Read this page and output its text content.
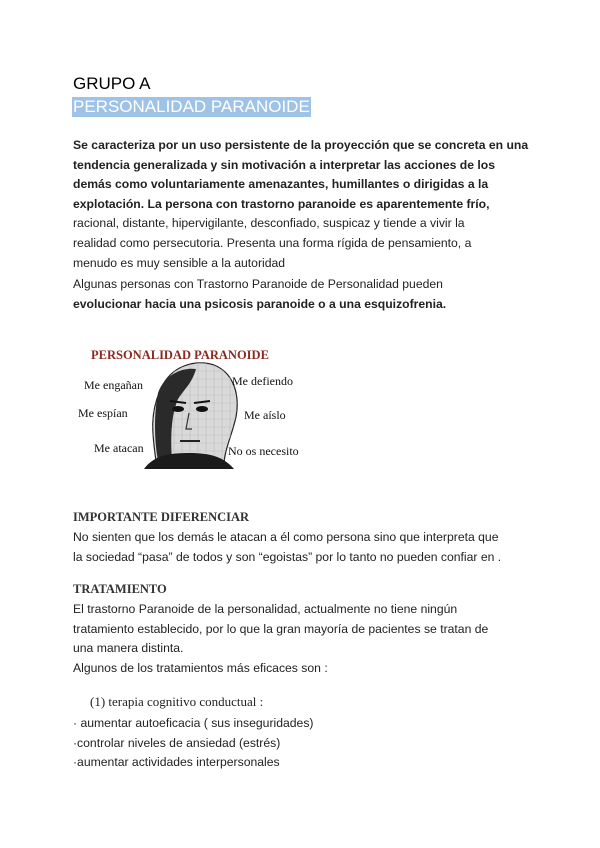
GRUPO A
PERSONALIDAD PARANOIDE

Se caracteriza por un uso persistente de la proyección que se concreta en una

tendencia generalizada y sin motivación a interpretar las acciones de los

demás como voluntariamente amenazantes, humillantes o dirigidas a la

explotación. La persona con trastorno paranoide es aparentemente frío,

racional, distante, hipervigilante, desconfiado, suspicaz y tiende a vivir la

realidad como persecutoria. Presenta una forma rígida de pensamiento, a

menudo es muy sensible a la autoridad

Algunas personas con Trastorno Paranoide de Personalidad pueden

evolucionar hacia una psicosis paranoide o a una esquizofrenia.

PERSONALIDAD PARANOIDE
Me engañan
Me espían
Me atacan
Me defiendo
Me aíslo
No os necesito
IMPORTANTE DIFERENCIAR

No sienten que los demás le atacan a él como persona sino que interpreta que

la sociedad “pasa” de todos y son “egoistas” por lo tanto no pueden confiar en .

TRATAMIENTO

El trastorno Paranoide de la personalidad, actualmente no tiene ningún

tratamiento establecido, por lo que la gran mayoría de pacientes se tratan de

una manera distinta.

Algunos de los tratamientos más eficaces son :

(1) terapia cognitivo conductual :

· aumentar autoeficacia ( sus inseguridades)

·controlar niveles de ansiedad (estrés)

·aumentar actividades interpersonales
